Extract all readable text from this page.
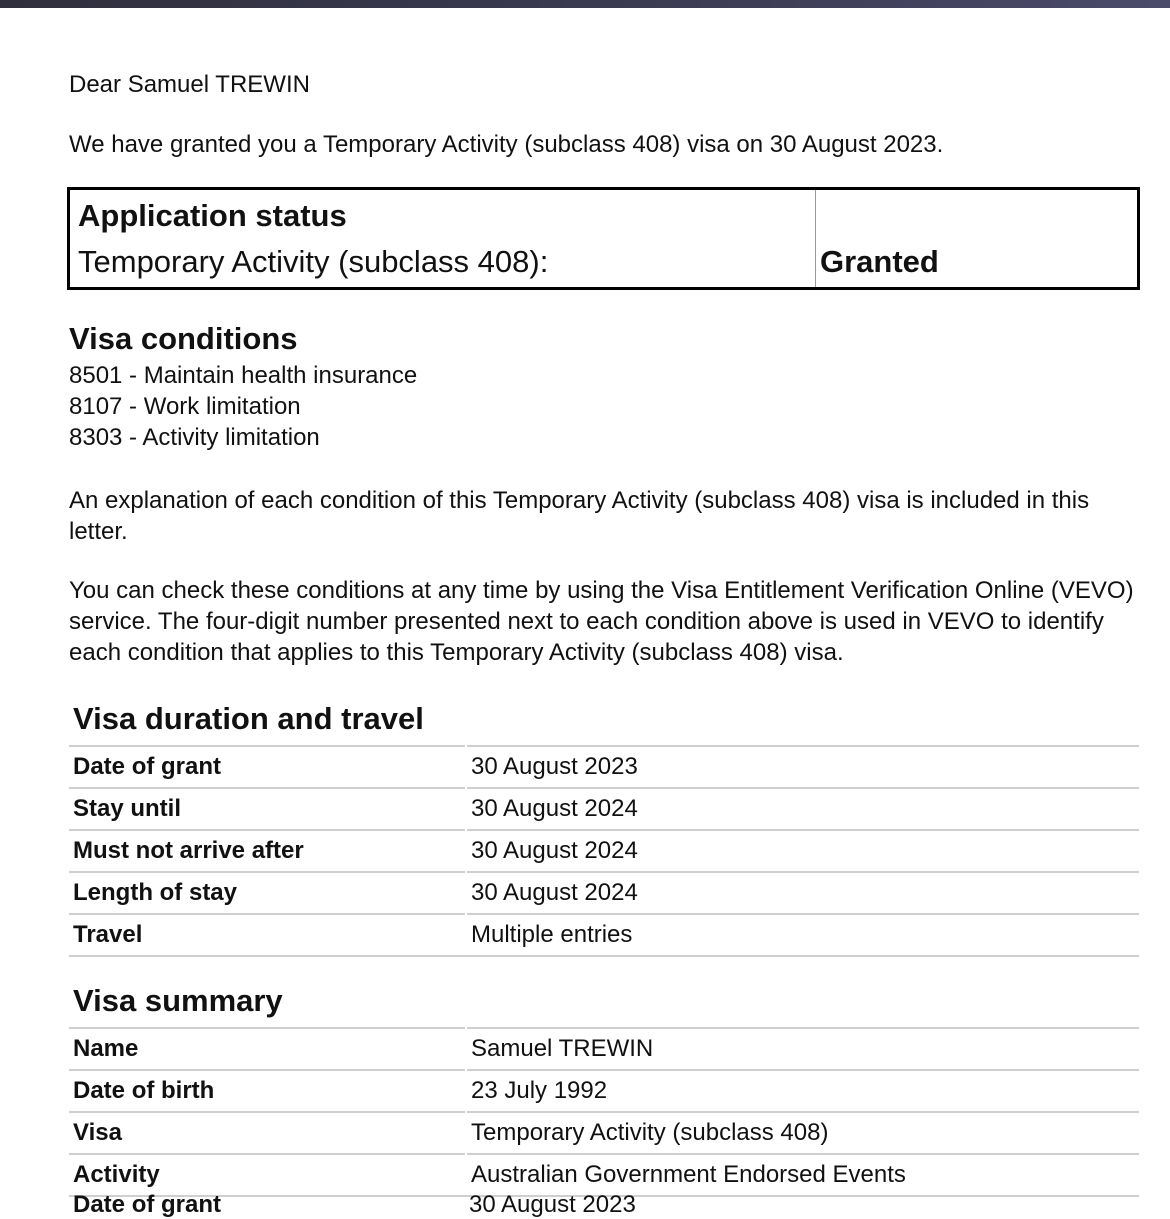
Dear Samuel TREWIN

We have granted you a Temporary Activity (subclass 408) visa on 30 August 2023.

Application status

Temporary Activity (subclass 408):	Granted

Visa conditions
8501 - Maintain health insurance
8107 - Work limitation
8303 - Activity limitation

An explanation of each condition of this Temporary Activity (subclass 408) visa is included in this letter.

You can check these conditions at any time by using the Visa Entitlement Verification Online (VEVO) service. The four-digit number presented next to each condition above is used in VEVO to identify each condition that applies to this Temporary Activity (subclass 408) visa.

Visa duration and travel
Date of grant	30 August 2023
Stay until	30 August 2024
Must not arrive after	30 August 2024
Length of stay	30 August 2024
Travel	Multiple entries
Visa summary
Name	Samuel TREWIN
Date of birth	23 July 1992
Visa	Temporary Activity (subclass 408)
Activity	Australian Government Endorsed Events
Date of grant	30 August 2023
